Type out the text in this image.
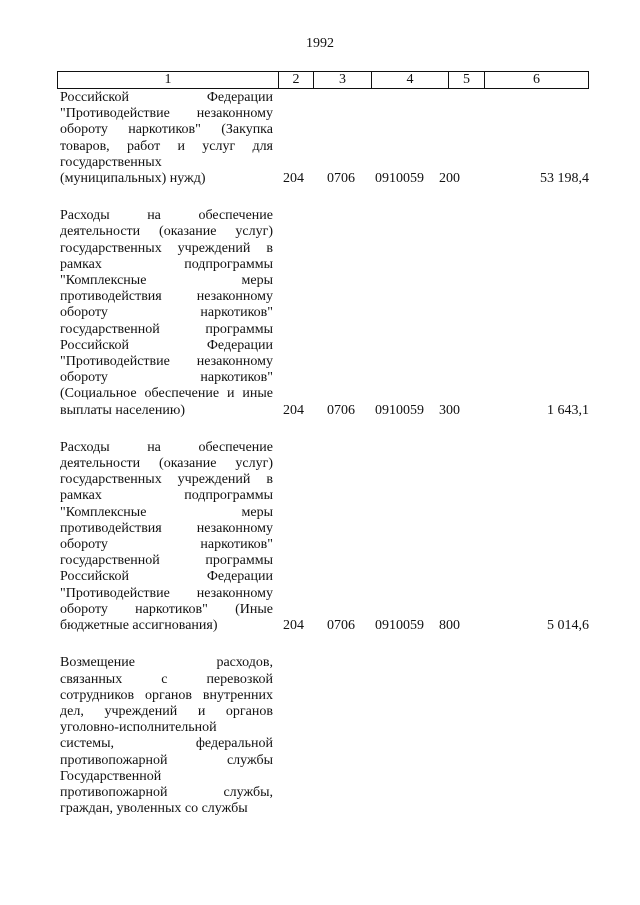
1992
1	2	3	4	5	6
Российской Федерации
"Противодействие незаконному
обороту наркотиков" (Закупка
товаров, работ и услуг для
государственных
(муниципальных) нужд)	204 0706 0910059 200	53 198,4
Расходы на обеспечение
деятельности (оказание услуг)
государственных учреждений в
рамках подпрограммы
"Комплексные меры
противодействия незаконному
обороту наркотиков"
государственной программы
Российской Федерации
"Противодействие незаконному
обороту наркотиков"
(Социальное обеспечение и иные
выплаты населению)	204 0706 0910059 300	1 643,1
Расходы на обеспечение
деятельности (оказание услуг)
государственных учреждений в
рамках подпрограммы
"Комплексные меры
противодействия незаконному
обороту наркотиков"
государственной программы
Российской Федерации
"Противодействие незаконному
обороту наркотиков" (Иные
бюджетные ассигнования)	204 0706 0910059 800	5 014,6
Возмещение расходов,
связанных с перевозкой
сотрудников органов внутренних
дел, учреждений и органов
уголовно-исполнительной
системы, федеральной
противопожарной службы
Государственной
противопожарной службы,
граждан, уволенных со службы
